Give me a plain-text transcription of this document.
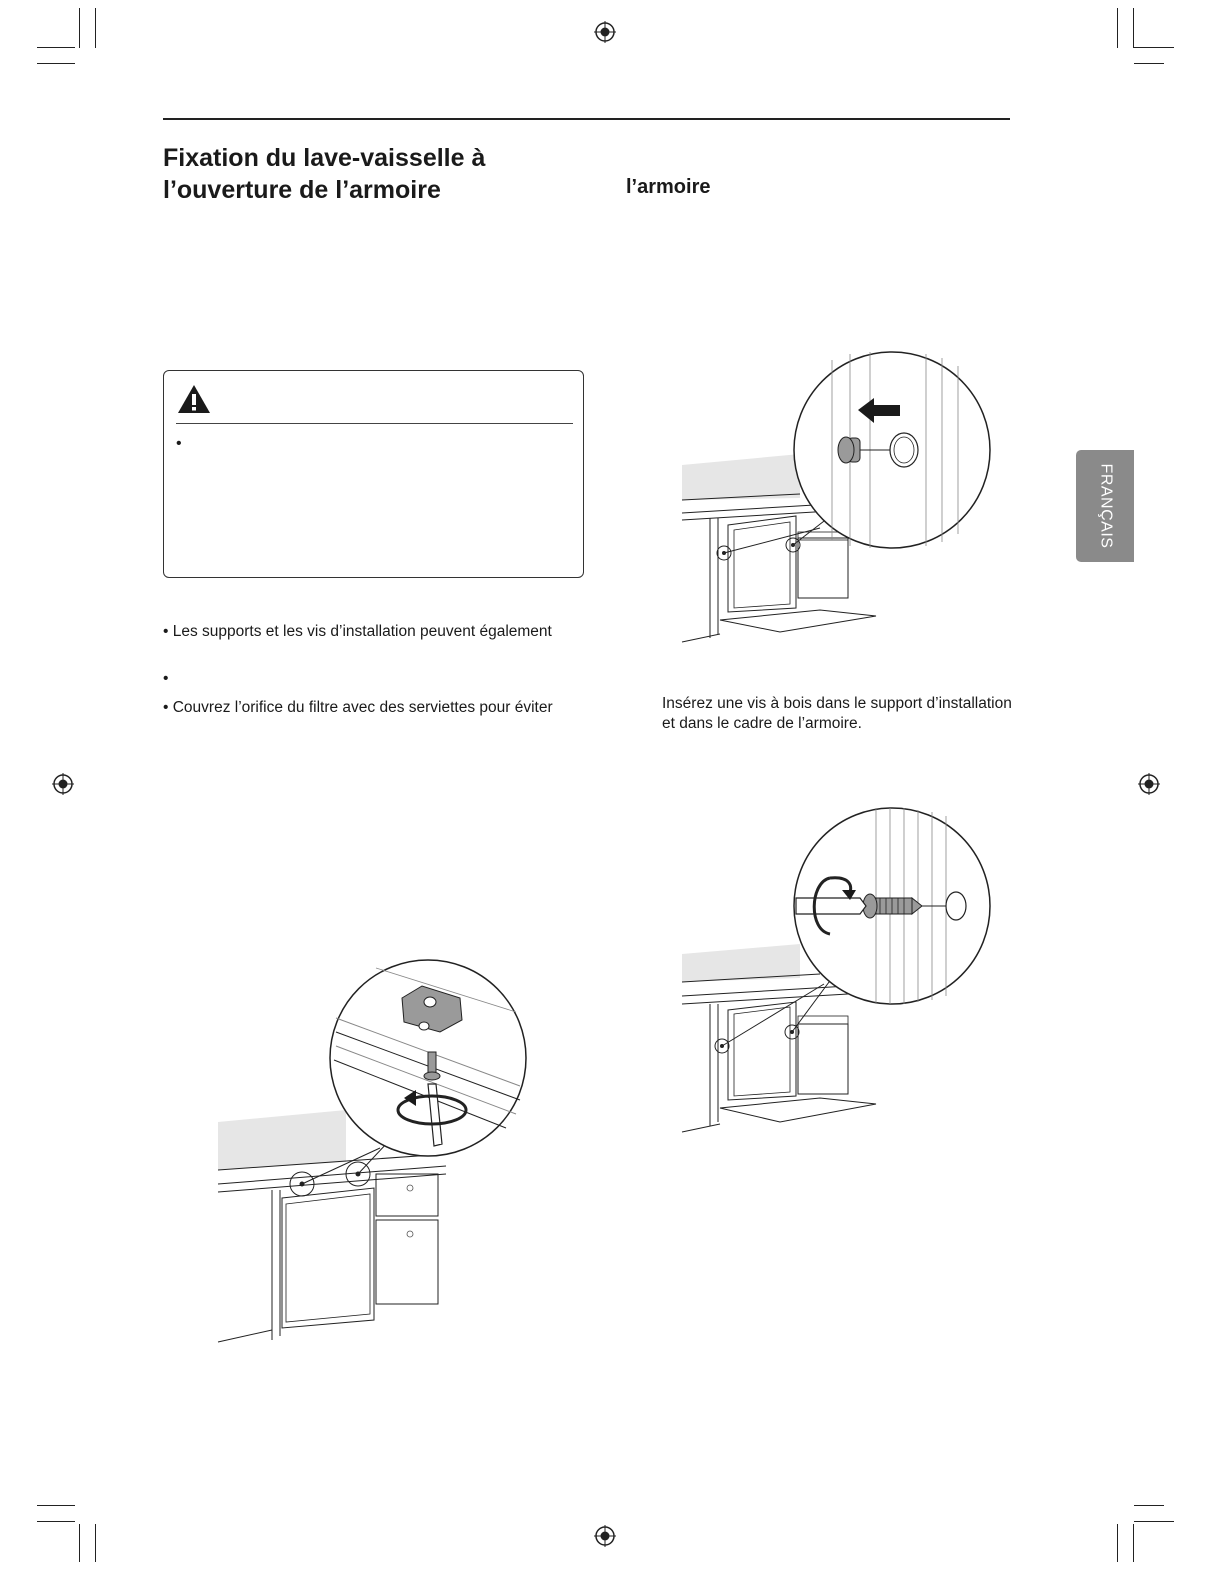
Fixation du lave-vaisselle à
l’ouverture de l’armoire	l’armoire
•
• Les supports et les vis d’installation peuvent également
•
• Couvrez l’orifice du filtre avec des serviettes pour éviter	Insérez une vis à bois dans le support d’installation
et dans le cadre de l’armoire.

FRANÇAIS
